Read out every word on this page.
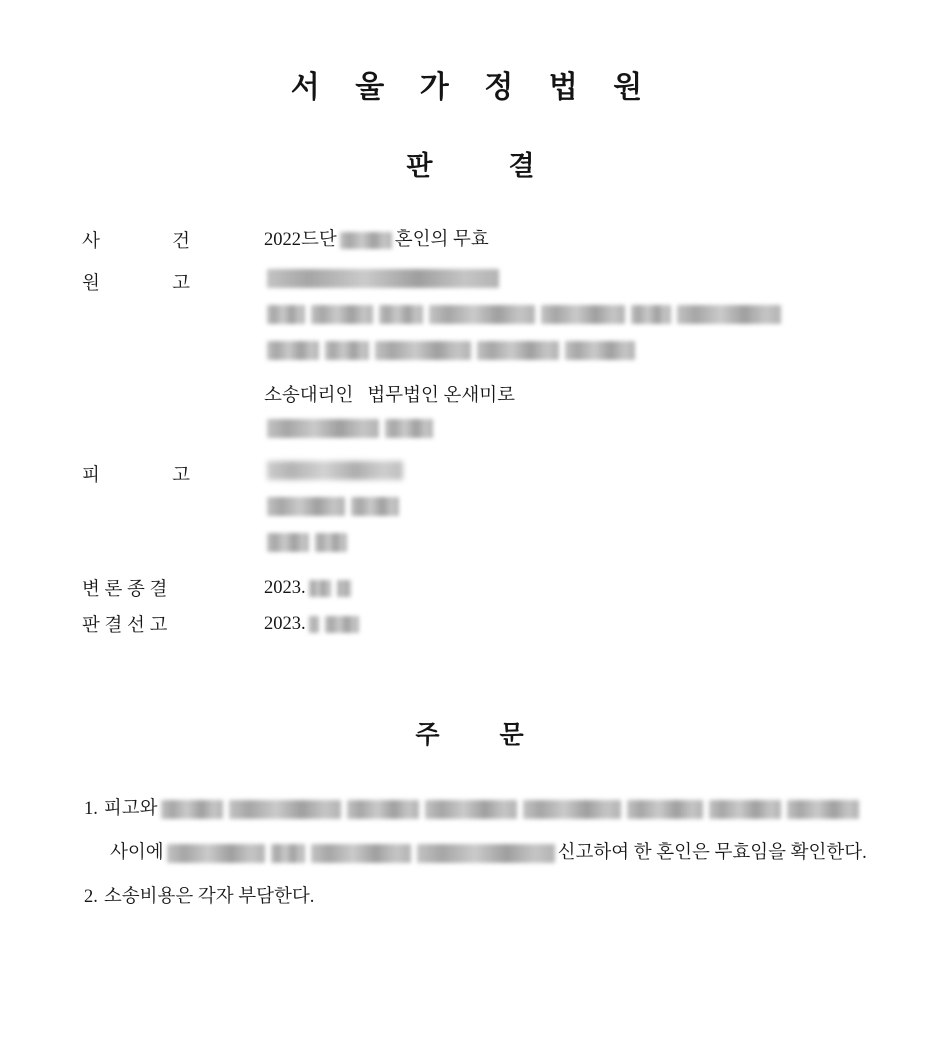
서 울 가 정 법 원
판	결
사	건	2022드단	혼인의 무효
원	고
소송대리인 법무법인 온새미로
피	고
변 론 종 결	2023.
판 결 선 고	2023.
주 문
1. 피고와
사이에	신고하여 한 혼인은 무효임을 확인한다.
2. 소송비용은 각자 부담한다.
